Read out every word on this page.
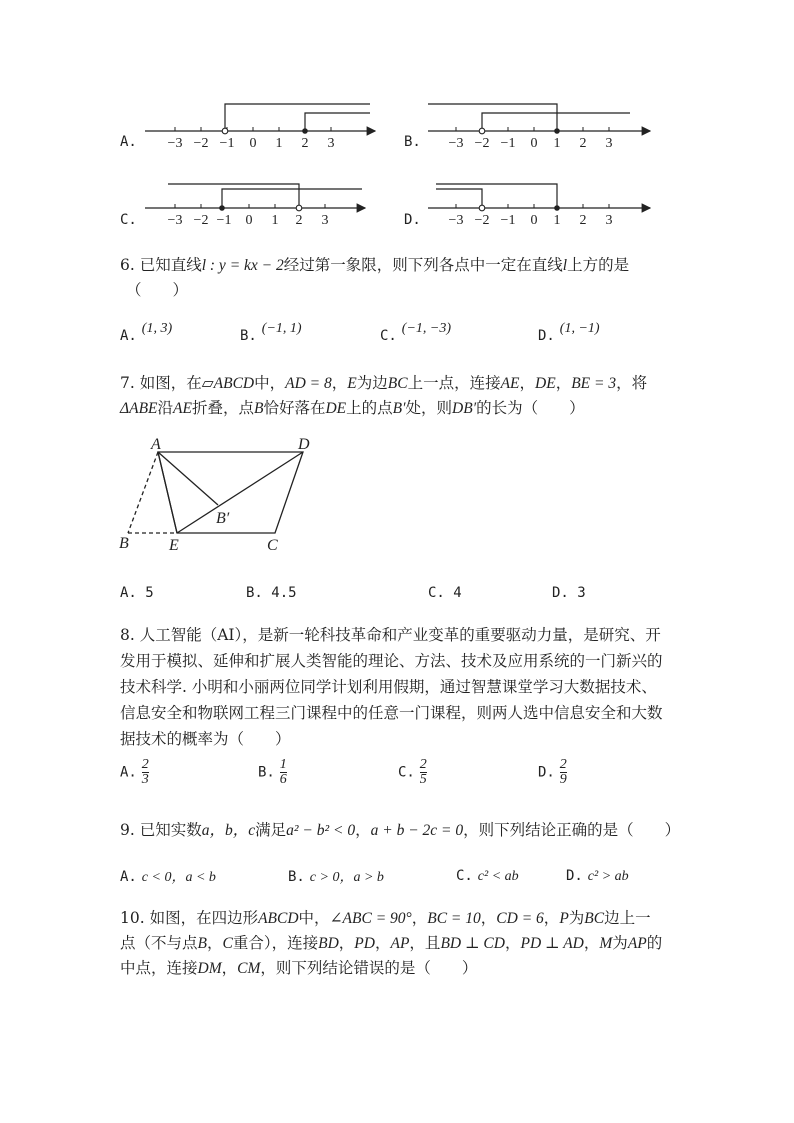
A.	B.
C.	D.
−3 −2 −1 0 1 2 3	−3 −2 −1 0 1 2 3
−3 −2 −1 0 1 2 3	−3 −2 −1 0 1 2 3
6. 已知直线l : y = kx − 2经过第一象限，则下列各点中一定在直线l上方的是
（　　）
A. (1, 3)	B. (−1, 1)	C. (−1, −3)	D. (1, −1)
7. 如图，在▱ABCD中，AD = 8，E为边BC上一点，连接AE，DE，BE = 3，将
ΔABE沿AE折叠，点B恰好落在DE上的点B′处，则DB′的长为（　　）
A	D
B′
B	E	C
A. 5	B. 4.5	C. 4	D. 3
8. 人工智能（AI），是新一轮科技革命和产业变革的重要驱动力量，是研究、开
发用于模拟、延伸和扩展人类智能的理论、方法、技术及应用系统的一门新兴的
技术科学. 小明和小丽两位同学计划利用假期，通过智慧课堂学习大数据技术、
信息安全和物联网工程三门课程中的任意一门课程，则两人选中信息安全和大数
据技术的概率为（　　）
A. $\frac{2}{3}$	B. $\frac{1}{6}$	C. $\frac{2}{5}$	D. $\frac{2}{9}$
9. 已知实数a，b，c满足a² − b² < 0，a + b − 2c = 0，则下列结论正确的是（　　）
A. c < 0，a < b	B. c > 0，a > b	C. c² < ab	D. c² > ab
10. 如图，在四边形ABCD中，∠ABC = 90°，BC = 10，CD = 6，P为BC边上一
点（不与点B，C重合），连接BD，PD，AP，且BD ⊥ CD，PD ⊥ AD，M为AP的
中点，连接DM，CM，则下列结论错误的是（　　）
